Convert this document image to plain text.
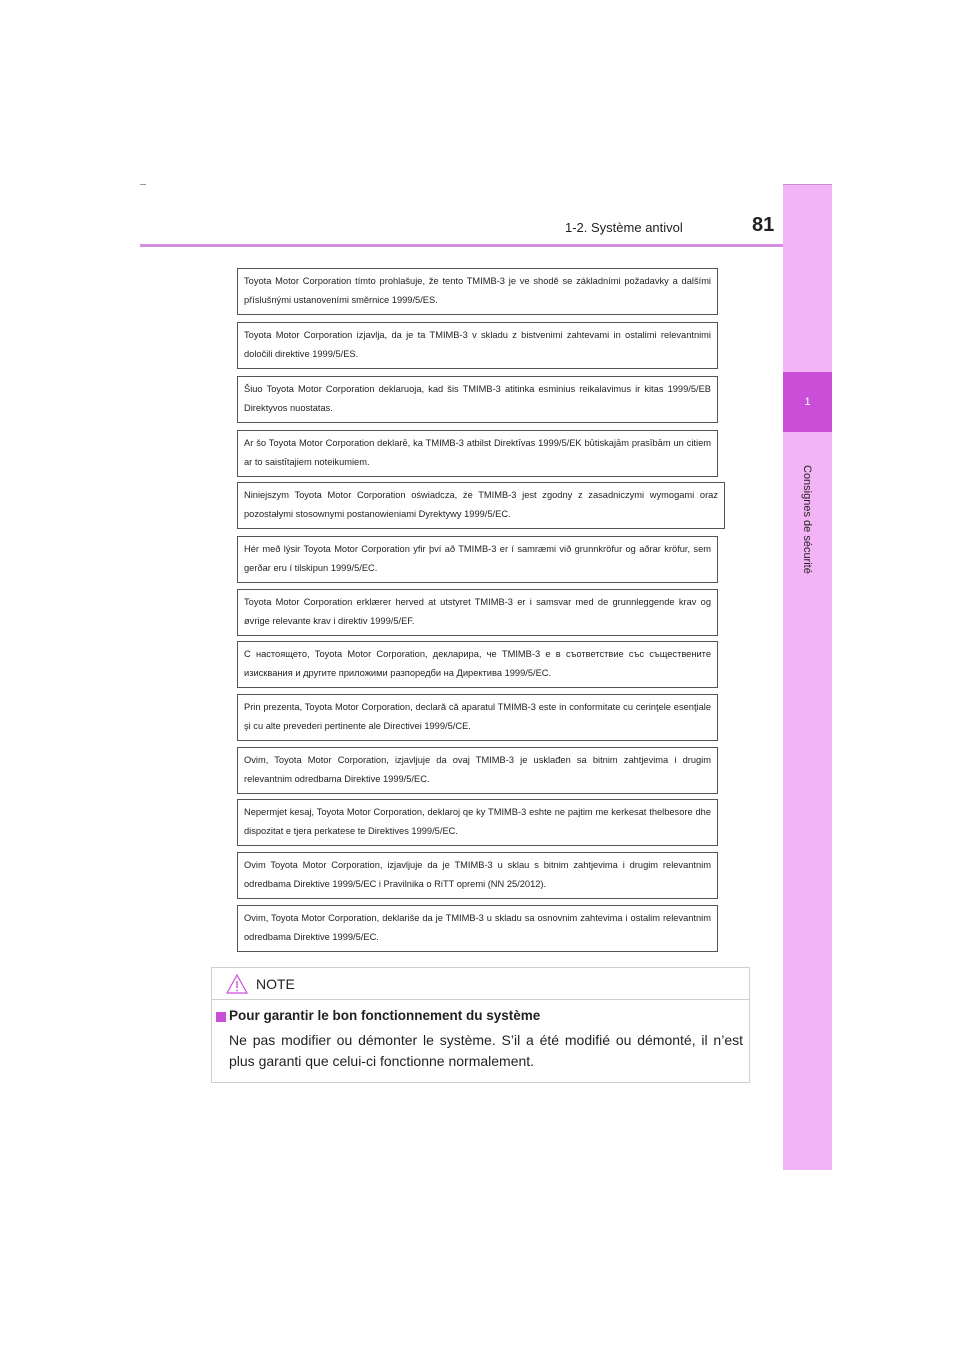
81
1-2. Système antivol
1
Consignes de sécurité
Toyota Motor Corporation tímto prohlašuje, že tento TMIMB-3 je ve shodě se základními požadavky a dalšími příslušnými ustanoveními směrnice 1999/5/ES.
Toyota Motor Corporation izjavlja, da je ta TMIMB-3 v skladu z bistvenimi zahtevami in ostalimi relevantnimi določili direktive 1999/5/ES.
Šiuo Toyota Motor Corporation deklaruoja, kad šis TMIMB-3 atitinka esminius reikalavimus ir kitas 1999/5/EB Direktyvos nuostatas.
Ar šo Toyota Motor Corporation deklarē, ka TMIMB-3 atbilst Direktīvas 1999/5/EK būtiskajām prasībām un citiem ar to saistītajiem noteikumiem.
Niniejszym Toyota Motor Corporation oświadcza, że TMIMB-3 jest zgodny z zasadniczymi wymogami oraz pozostałymi stosownymi postanowieniami Dyrektywy 1999/5/EC.
Hér með lýsir Toyota Motor Corporation yfir því að TMIMB-3 er í samræmi við grunnkröfur og aðrar kröfur, sem gerðar eru í tilskipun 1999/5/EC.
Toyota Motor Corporation erklærer herved at utstyret TMIMB-3 er i samsvar med de grunnleggende krav og øvrige relevante krav i direktiv 1999/5/EF.
С настоящето, Toyota Motor Corporation, декларира, че TMIMB-3 е в съответствие със съществените изисквания и другите приложими разпоредби на Директива 1999/5/ЕС.
Prin prezenta, Toyota Motor Corporation, declară că aparatul TMIMB-3 este in conformitate cu cerinţele esenţiale şi cu alte prevederi pertinente ale Directivei 1999/5/CE.
Ovim, Toyota Motor Corporation, izjavljuje da ovaj TMIMB-3 je usklađen sa bitnim zahtjevima i drugim relevantnim odredbama Direktive 1999/5/EC.
Nepermjet kesaj, Toyota Motor Corporation, deklaroj qe ky TMIMB-3 eshte ne pajtim me kerkesat thelbesore dhe dispozitat e tjera perkatese te Direktives 1999/5/EC.
Ovim Toyota Motor Corporation, izjavljuje da je TMIMB-3 u sklau s bitnim zahtjevima i drugim relevantnim odredbama Direktive 1999/5/EC i Pravilnika o RiTT opremi (NN 25/2012).
Ovim, Toyota Motor Corporation, deklariše da je TMIMB-3 u skladu sa osnovnim zahtevima i ostalim relevantnim odredbama Direktive 1999/5/EC.
NOTE
Pour garantir le bon fonctionnement du système
Ne pas modifier ou démonter le système. S’il a été modifié ou démonté, il n’est plus garanti que celui-ci fonctionne normalement.
